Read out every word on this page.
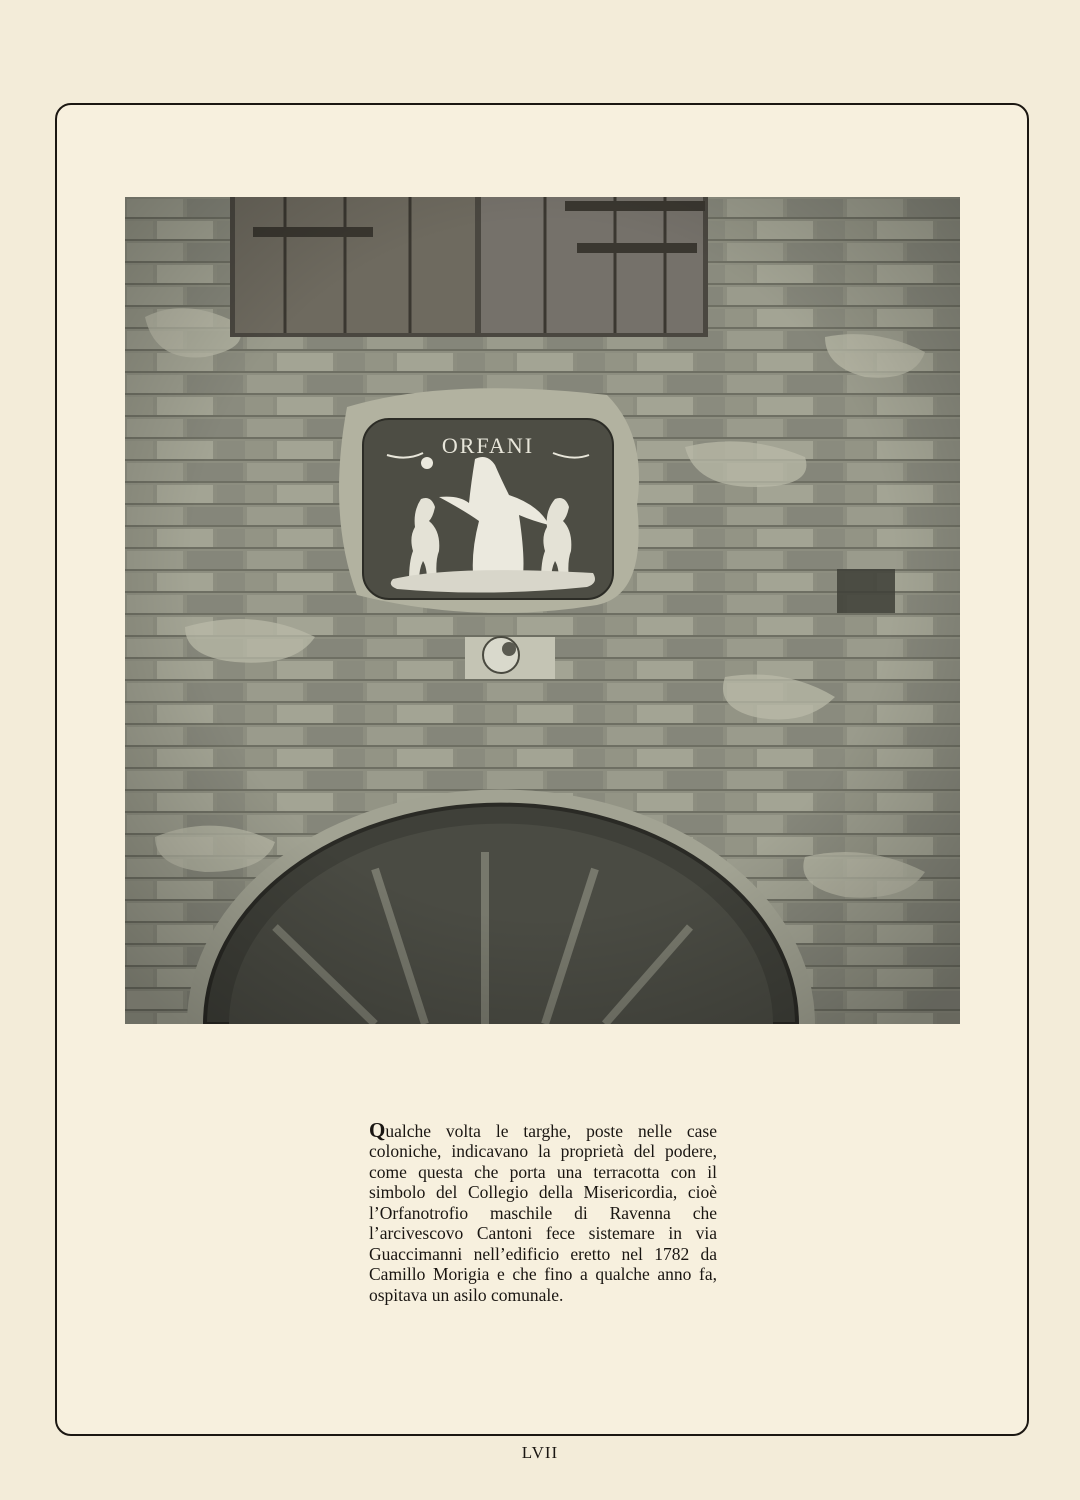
Qualche volta le targhe, poste nelle case coloniche, indicavano la proprietà del podere, come questa che porta una terracotta con il simbolo del Collegio della Misericordia, cioè l’Orfanotrofio maschile di Ravenna che l’arcivescovo Cantoni fece sistemare in via Guaccimanni nell’edificio eretto nel 1782 da Camillo Morigia e che fino a qualche anno fa, ospitava un asilo comunale.

LVII
